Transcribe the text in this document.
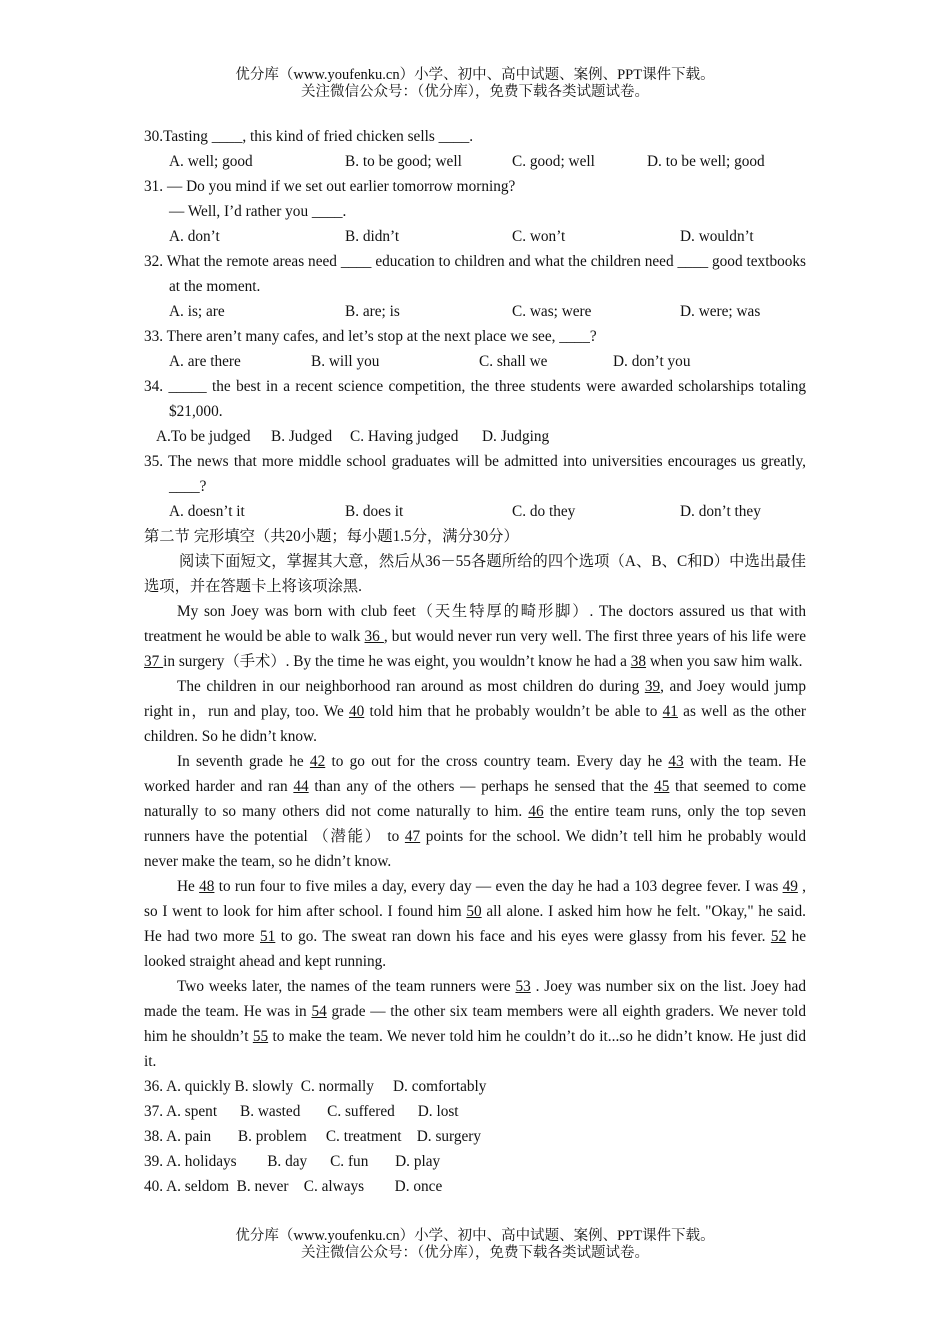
优分库（www.youfenku.cn）小学、初中、高中试题、案例、PPT课件下载。
关注微信公众号：（优分库），免费下载各类试题试卷。
30.Tasting ____, this kind of fried chicken sells ____.
A. well; good	B. to be good; well	C. good; well	D. to be well; good
31. — Do you mind if we set out earlier tomorrow morning?
— Well, I’d rather you ____.
A. don’t	B. didn’t	C. won’t	D. wouldn’t
32. What the remote areas need ____ education to children and what the children need ____ good textbooks at the moment.
A. is; are	B. are; is	C. was; were	D. were; was
33. There aren’t many cafes, and let’s stop at the next place we see, ____?
A. are there	B. will you	C. shall we	D. don’t you
34. _____ the best in a recent science competition, the three students were awarded scholarships totaling $21,000.
A.To be judged B. Judged C. Having judged D. Judging
35. The news that more middle school graduates will be admitted into universities encourages us greatly, ____?
A. doesn’t it	B. does it	C. do they	D. don’t they
第二节 完形填空（共20小题；每小题1.5分，满分30分）
阅读下面短文，掌握其大意，然后从36－55各题所给的四个选项（A、B、C和D）中选出最佳选项，并在答题卡上将该项涂黑.
My son Joey was born with club feet（天生特厚的畸形脚）. The doctors assured us that with treatment he would be able to walk 36 , but would never run very well. The first three years of his life were 37 in surgery（手术）. By the time he was eight, you wouldn’t know he had a 38 when you saw him walk.
The children in our neighborhood ran around as most children do during 39, and Joey would jump right in，run and play, too. We 40 told him that he probably wouldn’t be able to 41 as well as the other children. So he didn’t know.
In seventh grade he 42 to go out for the cross country team. Every day he 43 with the team. He worked harder and ran 44 than any of the others — perhaps he sensed that the 45 that seemed to come naturally to so many others did not come naturally to him. 46 the entire team runs, only the top seven runners have the potential （潜能） to 47 points for the school. We didn’t tell him he probably would never make the team, so he didn’t know.
He 48 to run four to five miles a day, every day — even the day he had a 103 degree fever. I was 49 , so I went to look for him after school. I found him 50 all alone. I asked him how he felt. "Okay," he said. He had two more 51 to go. The sweat ran down his face and his eyes were glassy from his fever. 52 he looked straight ahead and kept running.
Two weeks later, the names of the team runners were 53 . Joey was number six on the list. Joey had made the team. He was in 54 grade — the other six team members were all eighth graders. We never told him he shouldn’t 55 to make the team. We never told him he couldn’t do it...so he didn’t know. He just did it.
36. A. quickly B. slowly  C. normally     D. comfortably
37. A. spent      B. wasted       C. suffered      D. lost
38. A. pain       B. problem     C. treatment    D. surgery
39. A. holidays        B. day      C. fun       D. play
40. A. seldom  B. never    C. always        D. once
优分库（www.youfenku.cn）小学、初中、高中试题、案例、PPT课件下载。
关注微信公众号：（优分库），免费下载各类试题试卷。
